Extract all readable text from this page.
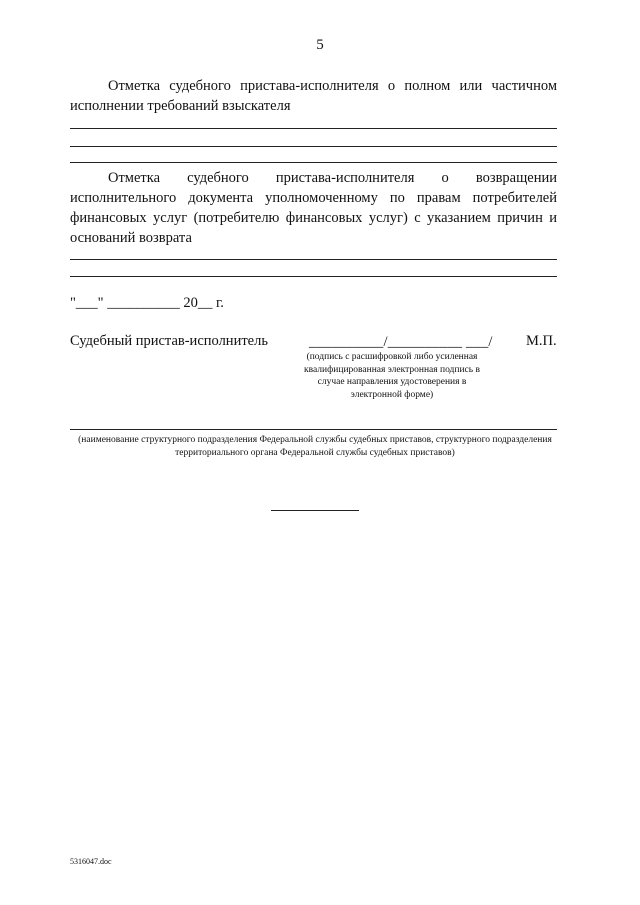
5
Отметка судебного пристава-исполнителя о полном или частичном исполнении требований взыскателя
Отметка судебного пристава-исполнителя о возвращении исполнительного документа уполномоченному по правам потребителей финансовых услуг (потребителю финансовых услуг) с указанием причин и оснований возврата
"___" __________ 20__ г.
Судебный пристав-исполнитель	__________/__________ ___/ М.П.
(подпись с расшифровкой либо усиленная квалифицированная электронная подпись в случае направления удостоверения в электронной форме)
(наименование структурного подразделения Федеральной службы судебных приставов, структурного подразделения территориального органа Федеральной службы судебных приставов)
5316047.doc
